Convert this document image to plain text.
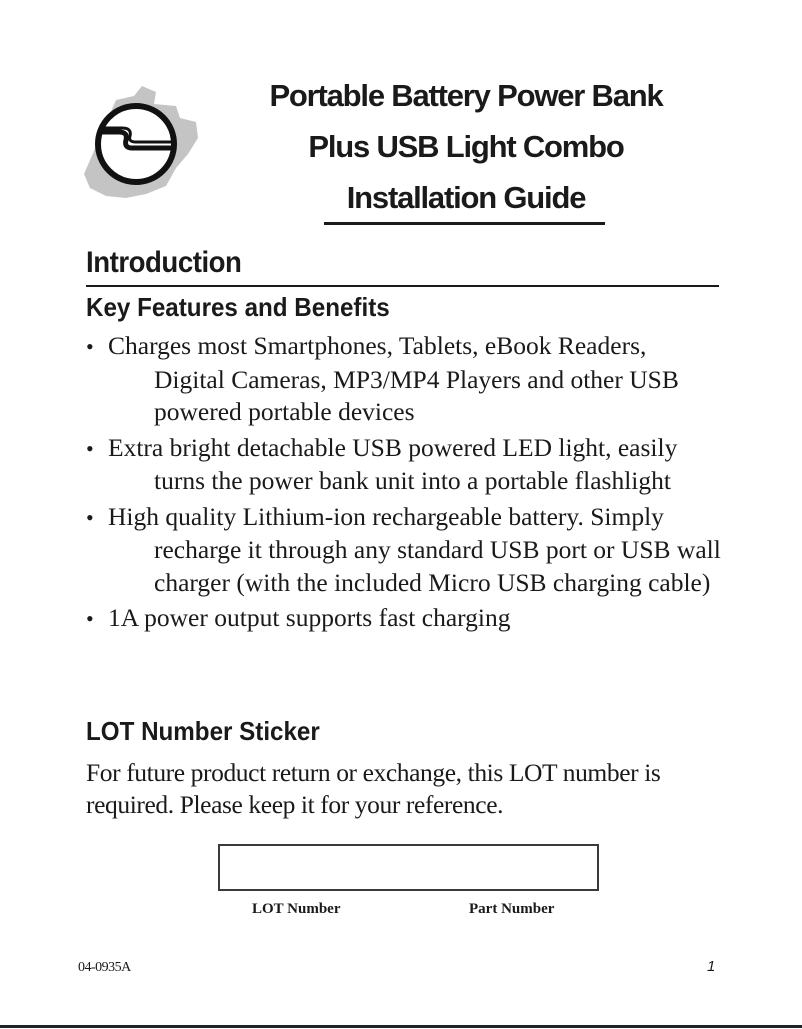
Portable Battery Power Bank
Plus USB Light Combo
Installation Guide
Introduction
Key Features and Benefits
• Charges most Smartphones, Tablets, eBook Readers, Digital Cameras, MP3/MP4 Players and other USB powered portable devices
• Extra bright detachable USB powered LED light, easily turns the power bank unit into a portable flashlight
• High quality Lithium-ion rechargeable battery. Simply recharge it through any standard USB port or USB wall charger (with the included Micro USB charging cable)
• 1A power output supports fast charging
LOT Number Sticker

For future product return or exchange, this LOT number is required. Please keep it for your reference.

LOT Number	Part Number
04-0935A	1
